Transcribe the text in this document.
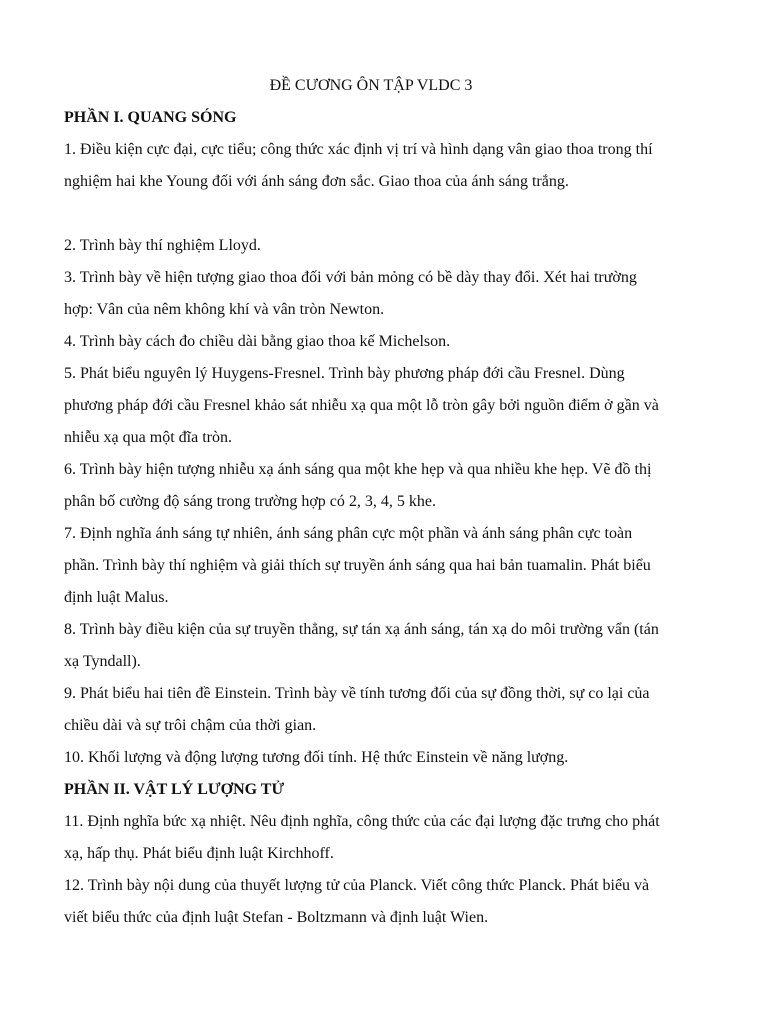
ĐỀ CƯƠNG ÔN TẬP VLDC 3

PHẦN I. QUANG SÓNG

1. Điều kiện cực đại, cực tiểu; công thức xác định vị trí và hình dạng vân giao thoa trong thí nghiệm hai khe Young đối với ánh sáng đơn sắc. Giao thoa của ánh sáng trắng.

2. Trình bày thí nghiệm Lloyd.

3. Trình bày về hiện tượng giao thoa đối với bản mỏng có bề dày thay đổi. Xét hai trường hợp: Vân của nêm không khí và vân tròn Newton.

4. Trình bày cách đo chiều dài bằng giao thoa kế Michelson.

5. Phát biểu nguyên lý Huygens-Fresnel. Trình bày phương pháp đới cầu Fresnel. Dùng phương pháp đới cầu Fresnel khảo sát nhiễu xạ qua một lỗ tròn gây bởi nguồn điểm ở gần và nhiễu xạ qua một đĩa tròn.

6. Trình bày hiện tượng nhiễu xạ ánh sáng qua một khe hẹp và qua nhiều khe hẹp. Vẽ đồ thị phân bố cường độ sáng trong trường hợp có 2, 3, 4, 5 khe.

7. Định nghĩa ánh sáng tự nhiên, ánh sáng phân cực một phần và ánh sáng phân cực toàn phần. Trình bày thí nghiệm và giải thích sự truyền ánh sáng qua hai bản tuamalin. Phát biểu định luật Malus.

8. Trình bày điều kiện của sự truyền thẳng, sự tán xạ ánh sáng, tán xạ do môi trường vẩn (tán xạ Tyndall).

9. Phát biểu hai tiên đề Einstein. Trình bày về tính tương đối của sự đồng thời, sự co lại của chiều dài và sự trôi chậm của thời gian.

10. Khối lượng và động lượng tương đối tính. Hệ thức Einstein về năng lượng.

PHẦN II. VẬT LÝ LƯỢNG TỬ

11. Định nghĩa bức xạ nhiệt. Nêu định nghĩa, công thức của các đại lượng đặc trưng cho phát xạ, hấp thụ. Phát biểu định luật Kirchhoff.

12. Trình bày nội dung của thuyết lượng tử của Planck. Viết công thức Planck. Phát biểu và viết biểu thức của định luật Stefan - Boltzmann và định luật Wien.
